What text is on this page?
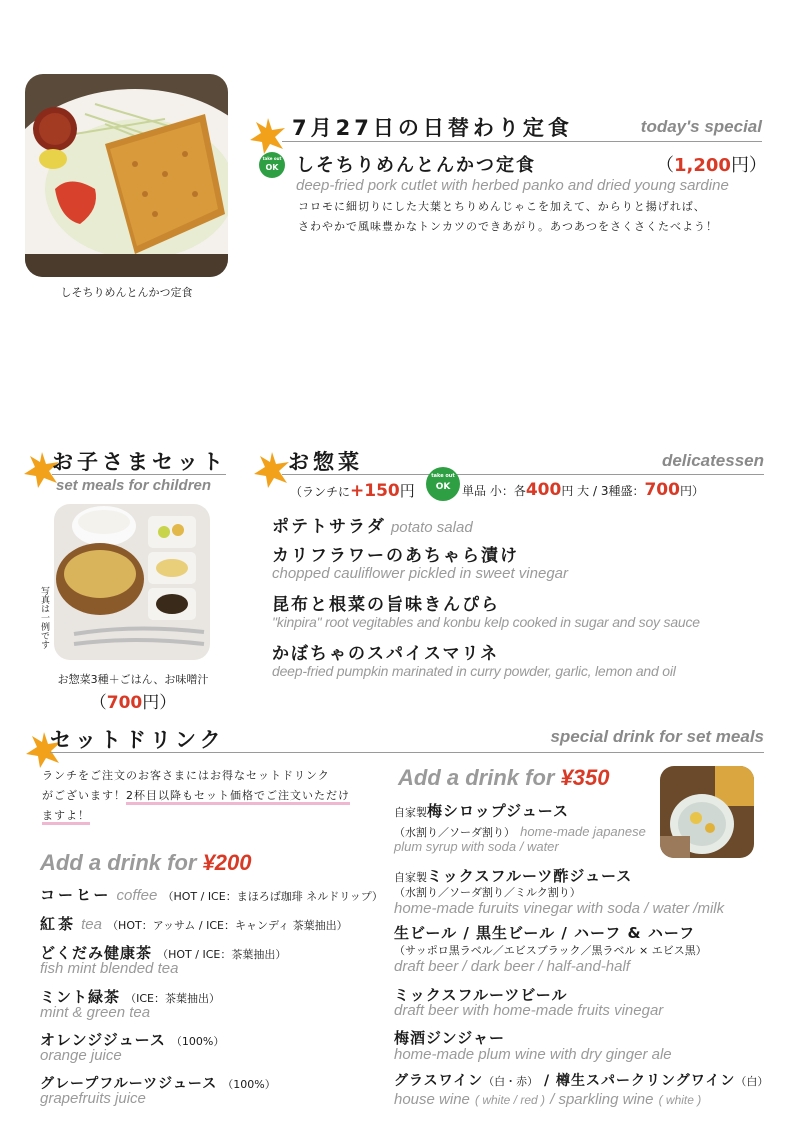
しそちりめんとんかつ定食
7月27日の日替わり定食	today's special
take out
OK しそちりめんとんかつ定食	（1,200円）
deep-fried pork cutlet with herbed panko and dried young sardine
コロモに細切りにした大葉とちりめんじゃこを加えて、からりと揚げれば、
さわやかで風味豊かなトンカツのできあがり。あつあつをさくさくたべよう！
お子さまセット
set meals for children
写真は一例です
お惣菜3種＋ごはん、お味噌汁
（700円）
お惣菜	delicatessen
（ランチに+150円
take out
OK 単品 小：各400円 大 / 3種盛：700円）
ポテトサラダ potato salad
カリフラワーのあちゃら漬け
chopped cauliflower pickled in sweet vinegar
昆布と根菜の旨味きんぴら
"kinpira" root vegitables and konbu kelp cooked in sugar and soy sauce
かぼちゃのスパイスマリネ
deep-fried pumpkin marinated in curry powder, garlic, lemon and oil
セットドリンク	special drink for set meals
ランチをご注文のお客さまにはお得なセットドリンク
がございます！2杯目以降もセット価格でご注文いただけ
ますよ！
Add a drink for ¥200
コーヒー coffee （HOT / ICE：まほろば珈琲 ネルドリップ）
紅茶 tea （HOT：アッサム / ICE：キャンディ 茶葉抽出）
どくだみ健康茶 （HOT / ICE：茶葉抽出）
fish mint blended tea
ミント緑茶 （ICE：茶葉抽出）
mint & green tea
オレンジジュース （100%）
orange juice
グレープフルーツジュース （100%）
grapefruits juice
Add a drink for ¥350
自家製梅シロップジュース
（水割り／ソーダ割り） home-made japanese
plum syrup with soda / water
自家製ミックスフルーツ酢ジュース
（水割り／ソーダ割り／ミルク割り）
home-made furuits vinegar with soda / water /milk
生ビール / 黒生ビール / ハーフ & ハーフ
（サッポロ黒ラベル／エビスブラック／黒ラベル × エビス黒）
draft beer / dark beer / half-and-half
ミックスフルーツビール
draft beer with home-made fruits vinegar
梅酒ジンジャー
home-made plum wine with dry ginger ale
グラスワイン（白・赤） / 樽生スパークリングワイン（白）
house wine ( white / red ) / sparkling wine ( white )
